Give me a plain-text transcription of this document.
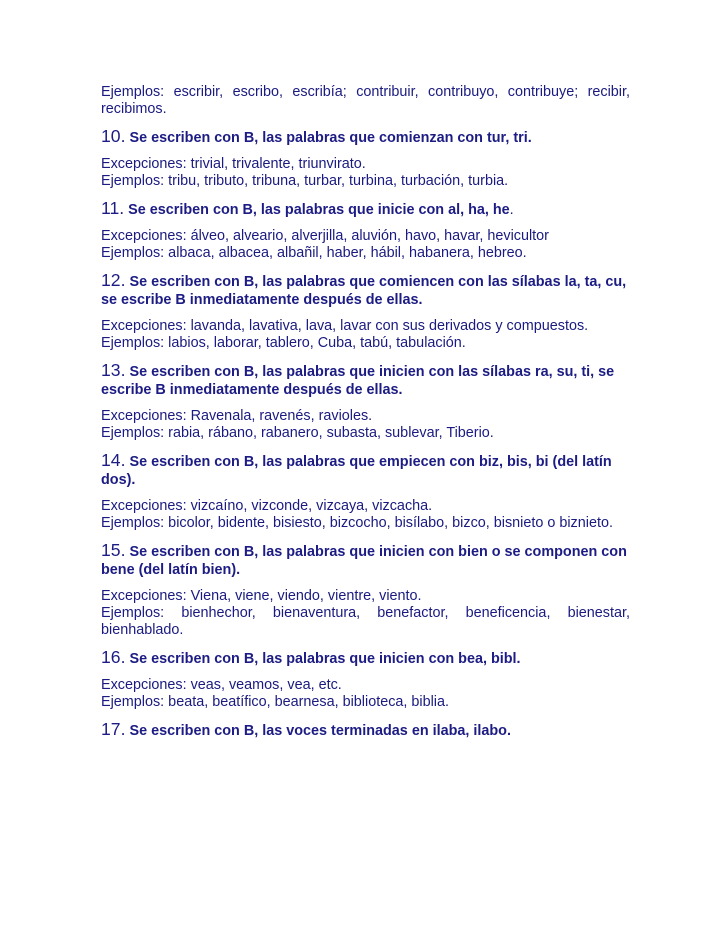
Ejemplos: escribir, escribo, escribía; contribuir, contribuyo, contribuye; recibir, recibimos.

10. Se escriben con B, las palabras que comienzan con tur, tri.

Excepciones: trivial, trivalente, triunvirato.

Ejemplos: tribu, tributo, tribuna, turbar, turbina, turbación, turbia.

11. Se escriben con B, las palabras que inicie con al, ha, he.

Excepciones: álveo, alveario, alverjilla, aluvión, havo, havar, hevicultor

Ejemplos: albaca, albacea, albañil, haber, hábil, habanera, hebreo.

12. Se escriben con B, las palabras que comiencen con las sílabas la, ta, cu, se escribe B inmediatamente después de ellas.

Excepciones: lavanda, lavativa, lava, lavar con sus derivados y compuestos.

Ejemplos: labios, laborar, tablero, Cuba, tabú, tabulación.

13. Se escriben con B, las palabras que inicien con las sílabas ra, su, ti, se escribe B inmediatamente después de ellas.

Excepciones: Ravenala, ravenés, ravioles.

Ejemplos: rabia, rábano, rabanero, subasta, sublevar, Tiberio.

14. Se escriben con B, las palabras que empiecen con biz, bis, bi (del latín dos).

Excepciones: vizcaíno, vizconde, vizcaya, vizcacha.

Ejemplos: bicolor, bidente, bisiesto, bizcocho, bisílabo, bizco, bisnieto o biznieto.

15. Se escriben con B, las palabras que inicien con bien o se componen con bene (del latín bien).

Excepciones: Viena, viene, viendo, vientre, viento.

Ejemplos: bienhechor, bienaventura, benefactor, beneficencia, bienestar, bienhablado.

16. Se escriben con B, las palabras que inicien con bea, bibl.

Excepciones: veas, veamos, vea, etc.

Ejemplos: beata, beatífico, bearnesa, biblioteca, biblia.

17. Se escriben con B, las voces terminadas en ilaba, ilabo.
